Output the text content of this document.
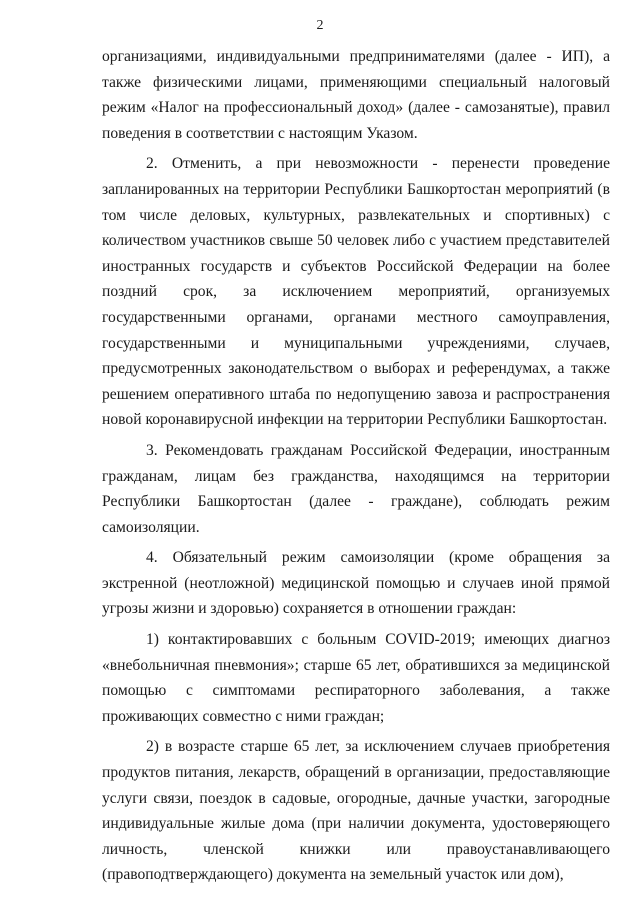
2

организациями, индивидуальными предпринимателями (далее - ИП), а также физическими лицами, применяющими специальный налоговый режим «Налог на профессиональный доход» (далее - самозанятые), правил поведения в соответствии с настоящим Указом.

2. Отменить, а при невозможности - перенести проведение запланированных на территории Республики Башкортостан мероприятий (в том числе деловых, культурных, развлекательных и спортивных) с количеством участников свыше 50 человек либо с участием представителей иностранных государств и субъектов Российской Федерации на более поздний срок, за исключением мероприятий, организуемых государственными органами, органами местного самоуправления, государственными и муниципальными учреждениями, случаев, предусмотренных законодательством о выборах и референдумах, а также решением оперативного штаба по недопущению завоза и распространения новой коронавирусной инфекции на территории Республики Башкортостан.

3. Рекомендовать гражданам Российской Федерации, иностранным гражданам, лицам без гражданства, находящимся на территории Республики Башкортостан (далее - граждане), соблюдать режим самоизоляции.

4. Обязательный режим самоизоляции (кроме обращения за экстренной (неотложной) медицинской помощью и случаев иной прямой угрозы жизни и здоровью) сохраняется в отношении граждан:

1) контактировавших с больным COVID-2019; имеющих диагноз «внебольничная пневмония»; старше 65 лет, обратившихся за медицинской помощью с симптомами респираторного заболевания, а также проживающих совместно с ними граждан;

2) в возрасте старше 65 лет, за исключением случаев приобретения продуктов питания, лекарств, обращений в организации, предоставляющие услуги связи, поездок в садовые, огородные, дачные участки, загородные индивидуальные жилые дома (при наличии документа, удостоверяющего личность, членской книжки или правоустанавливающего (правоподтверждающего) документа на земельный участок или дом),
